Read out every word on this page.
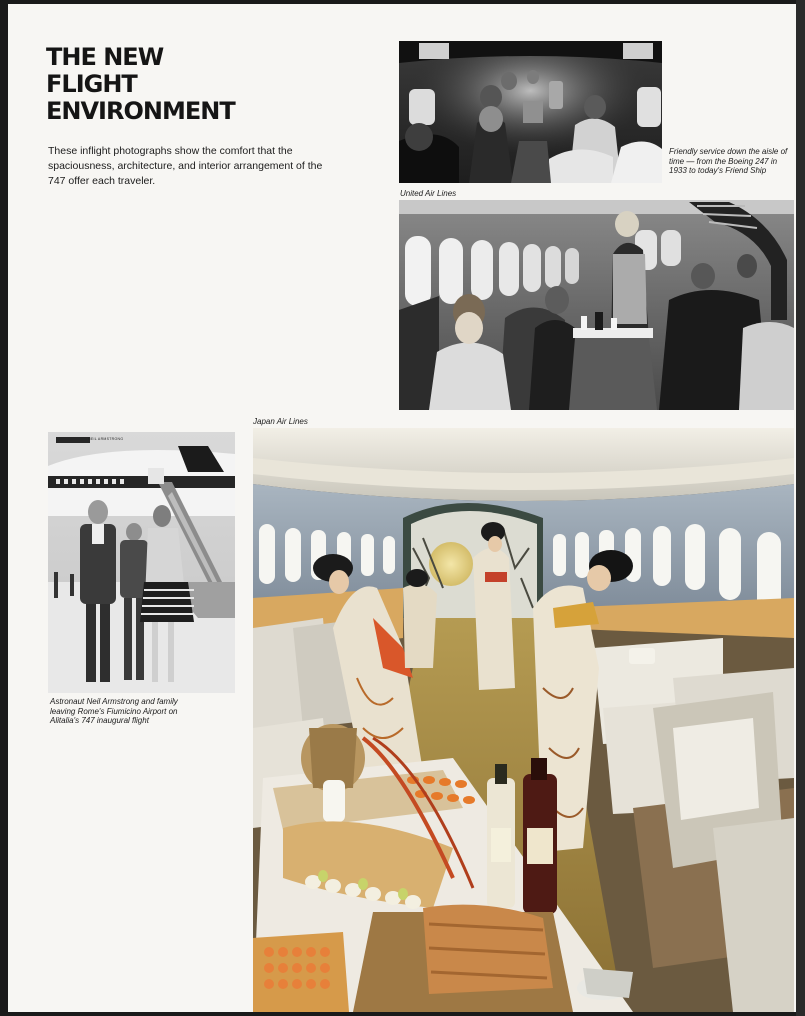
THE NEW
FLIGHT
ENVIRONMENT

These inflight photographs show the comfort that the spaciousness, architecture, and interior arrangement of the 747 offer each traveler.

Friendly service down the aisle of time — from the Boeing 247 in 1933 to today's Friend Ship

United Air Lines

Japan Air Lines

NEIL ARMSTRONG

Astronaut Neil Armstrong and family leaving Rome's Fiumicino Airport on Alitalia's 747 inaugural flight
